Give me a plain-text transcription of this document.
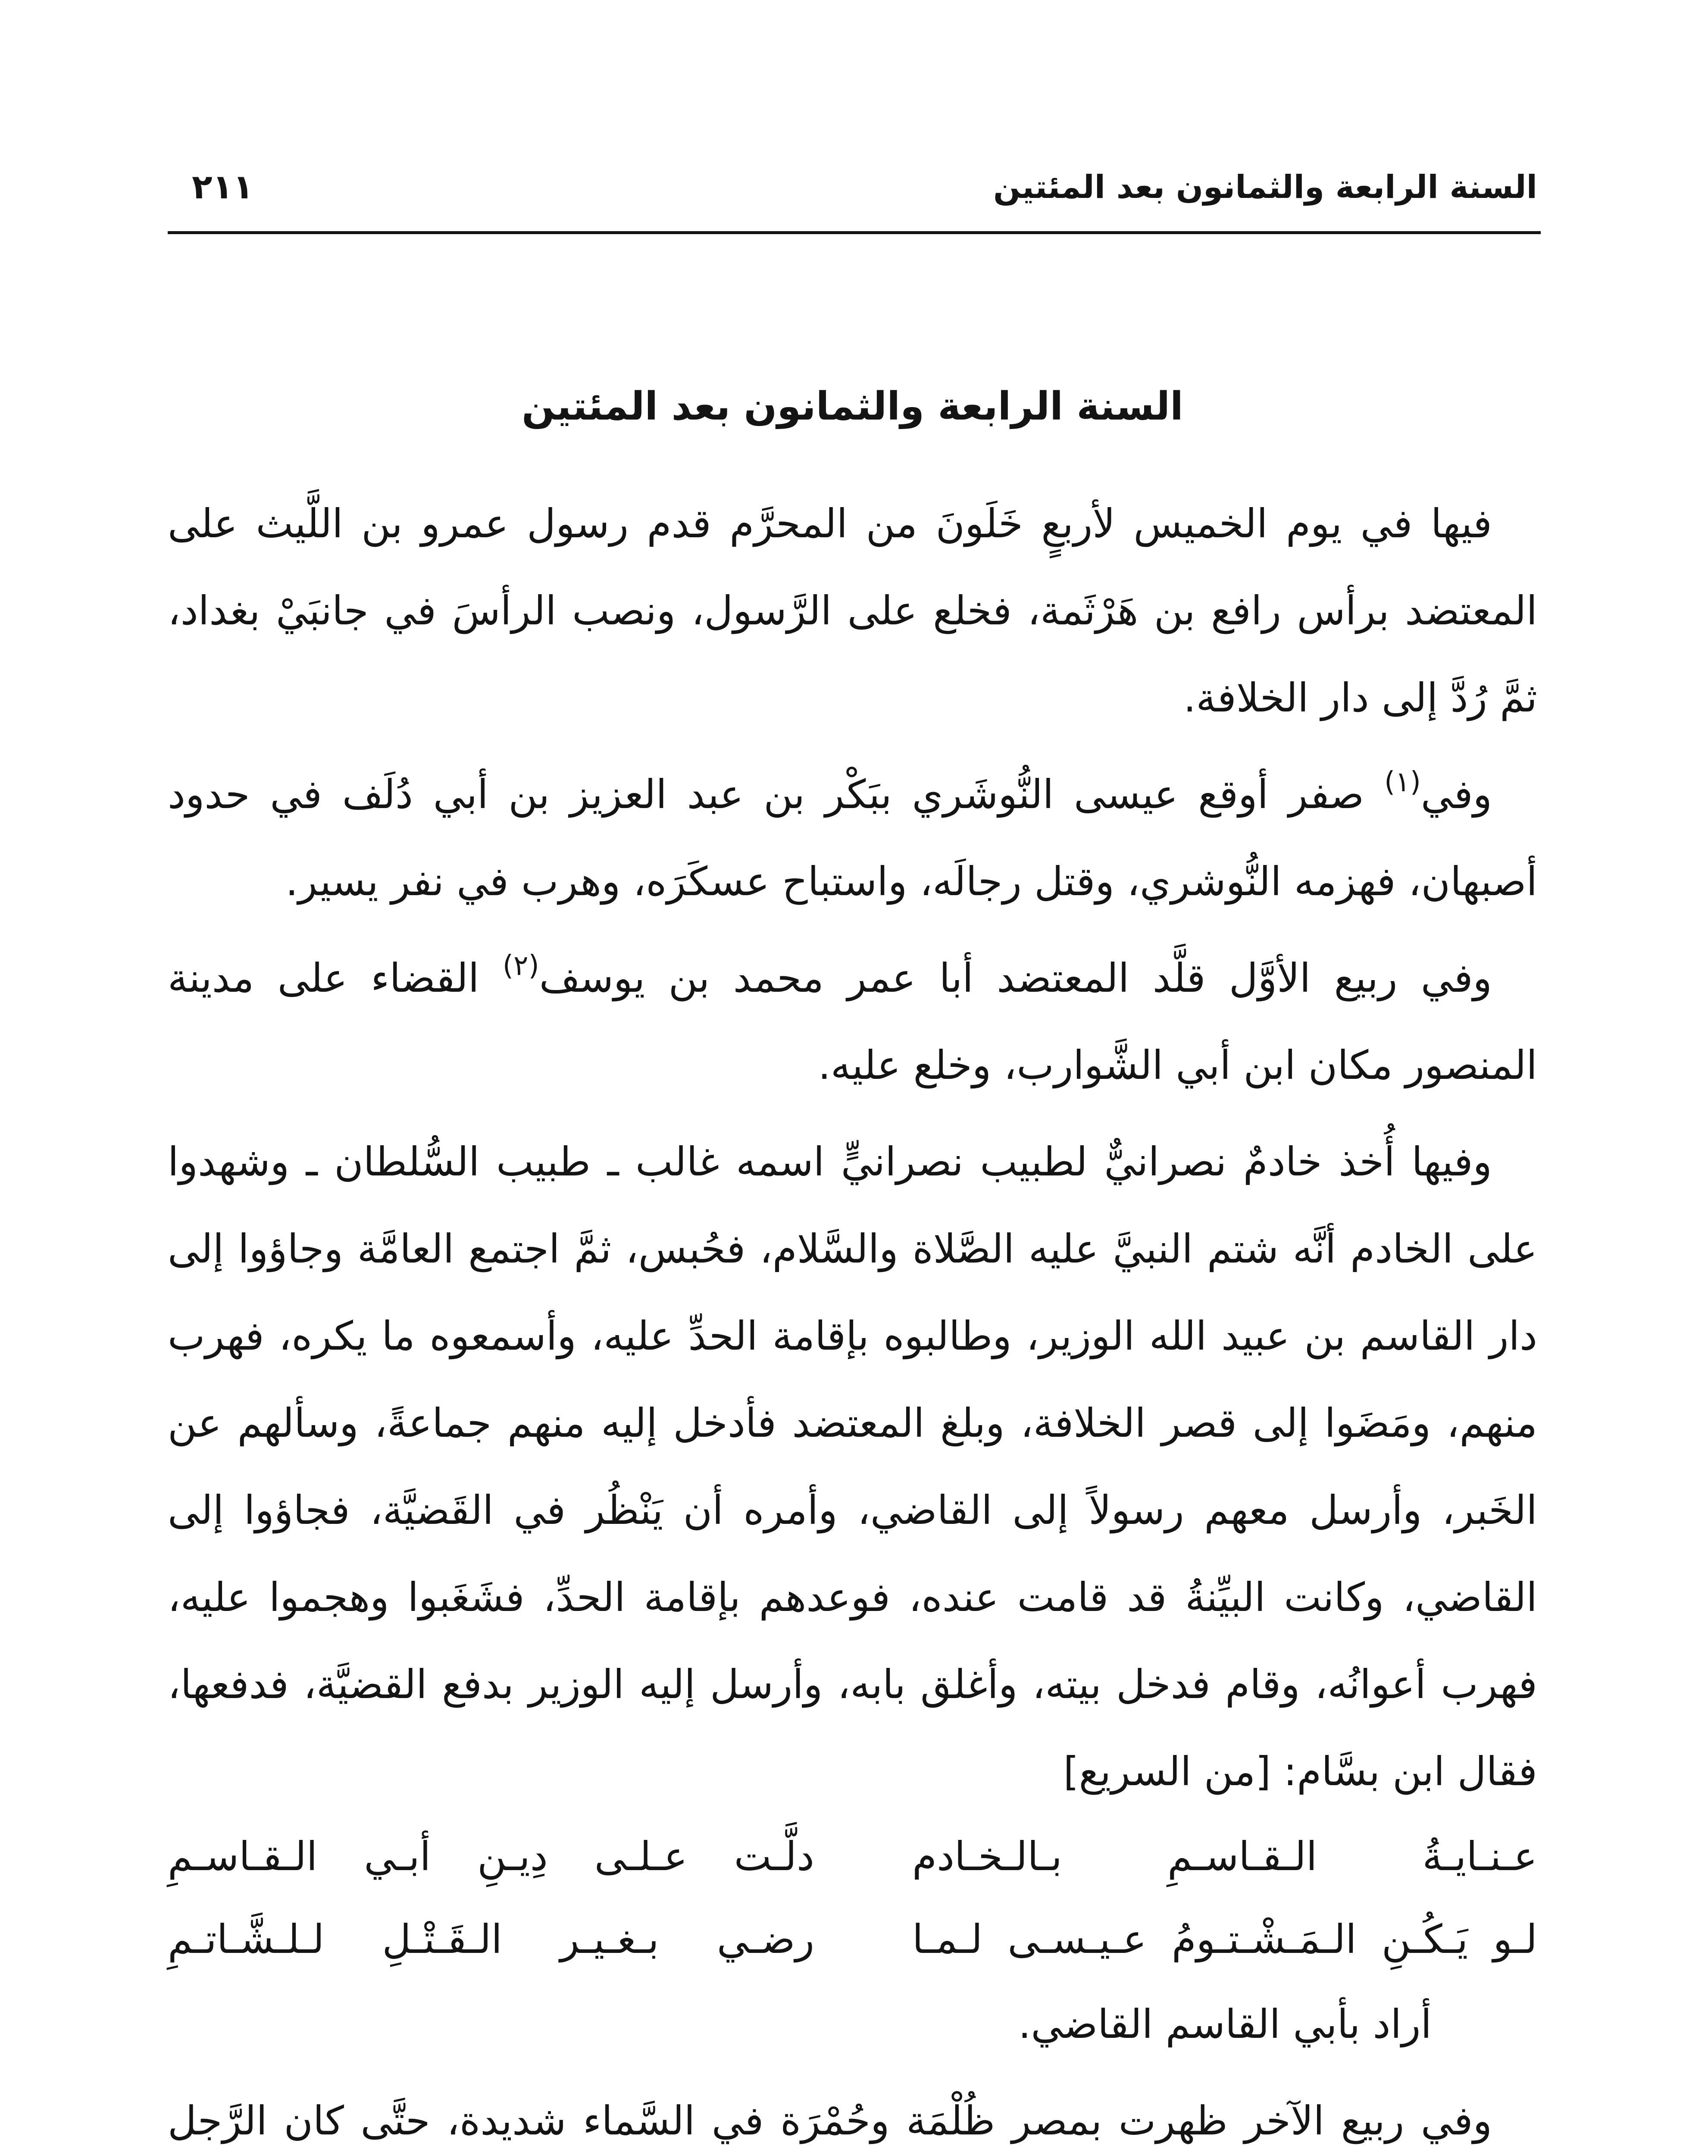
السنة الرابعة والثمانون بعد المئتين
٢١١
السنة الرابعة والثمانون بعد المئتين
فيها في يوم الخميس لأربعٍ خَلَونَ من المحرَّم قدم رسول عمرو بن اللَّيث على
المعتضد برأس رافع بن هَرْثَمة، فخلع على الرَّسول، ونصب الرأسَ في جانبَيْ بغداد،
ثمَّ رُدَّ إلى دار الخلافة.
وفي$^{(١)}$ صفر أوقع عيسى النُّوشَري ببَكْر بن عبد العزيز بن أبي دُلَف في حدود
أصبهان، فهزمه النُّوشري، وقتل رجالَه، واستباح عسكَرَه، وهرب في نفر يسير.
وفي ربيع الأوَّل قلَّد المعتضد أبا عمر محمد بن يوسف$^{(٢)}$ القضاء على مدينة
المنصور مكان ابن أبي الشَّوارب، وخلع عليه.
وفيها أُخذ خادمٌ نصرانيٌّ لطبيب نصرانيٍّ اسمه غالب ـ طبيب السُّلطان ـ وشهدوا
على الخادم أنَّه شتم النبيَّ عليه الصَّلاة والسَّلام، فحُبس، ثمَّ اجتمع العامَّة وجاؤوا إلى
دار القاسم بن عبيد الله الوزير، وطالبوه بإقامة الحدِّ عليه، وأسمعوه ما يكره، فهرب
منهم، ومَضَوا إلى قصر الخلافة، وبلغ المعتضد فأدخل إليه منهم جماعةً، وسألهم عن
الخَبر، وأرسل معهم رسولاً إلى القاضي، وأمره أن يَنْظُر في القَضيَّة، فجاؤوا إلى
القاضي، وكانت البيِّنةُ قد قامت عنده، فوعدهم بإقامة الحدِّ، فشَغَبوا وهجموا عليه،
فهرب أعوانُه، وقام فدخل بيته، وأغلق بابه، وأرسل إليه الوزير بدفع القضيَّة، فدفعها،
فقال ابن بسَّام: [من السريع]
عـنـايـةُ الـقـاسـمِ بـالـخـادم
دلَّـت عـلـى دِيـنِ أبـي الـقـاسـمِ
لـو يَـكُـنِ الـمَـشْـتـومُ عـيـسـى لـمـا
رضـي بـغـيـر الـقَـتْـلِ لـلـشَّـاتـمِ
أراد بأبي القاسم القاضي.
وفي ربيع الآخر ظهرت بمصر ظُلْمَة وحُمْرَة في السَّماء شديدة، حتَّى كان الرَّجل
